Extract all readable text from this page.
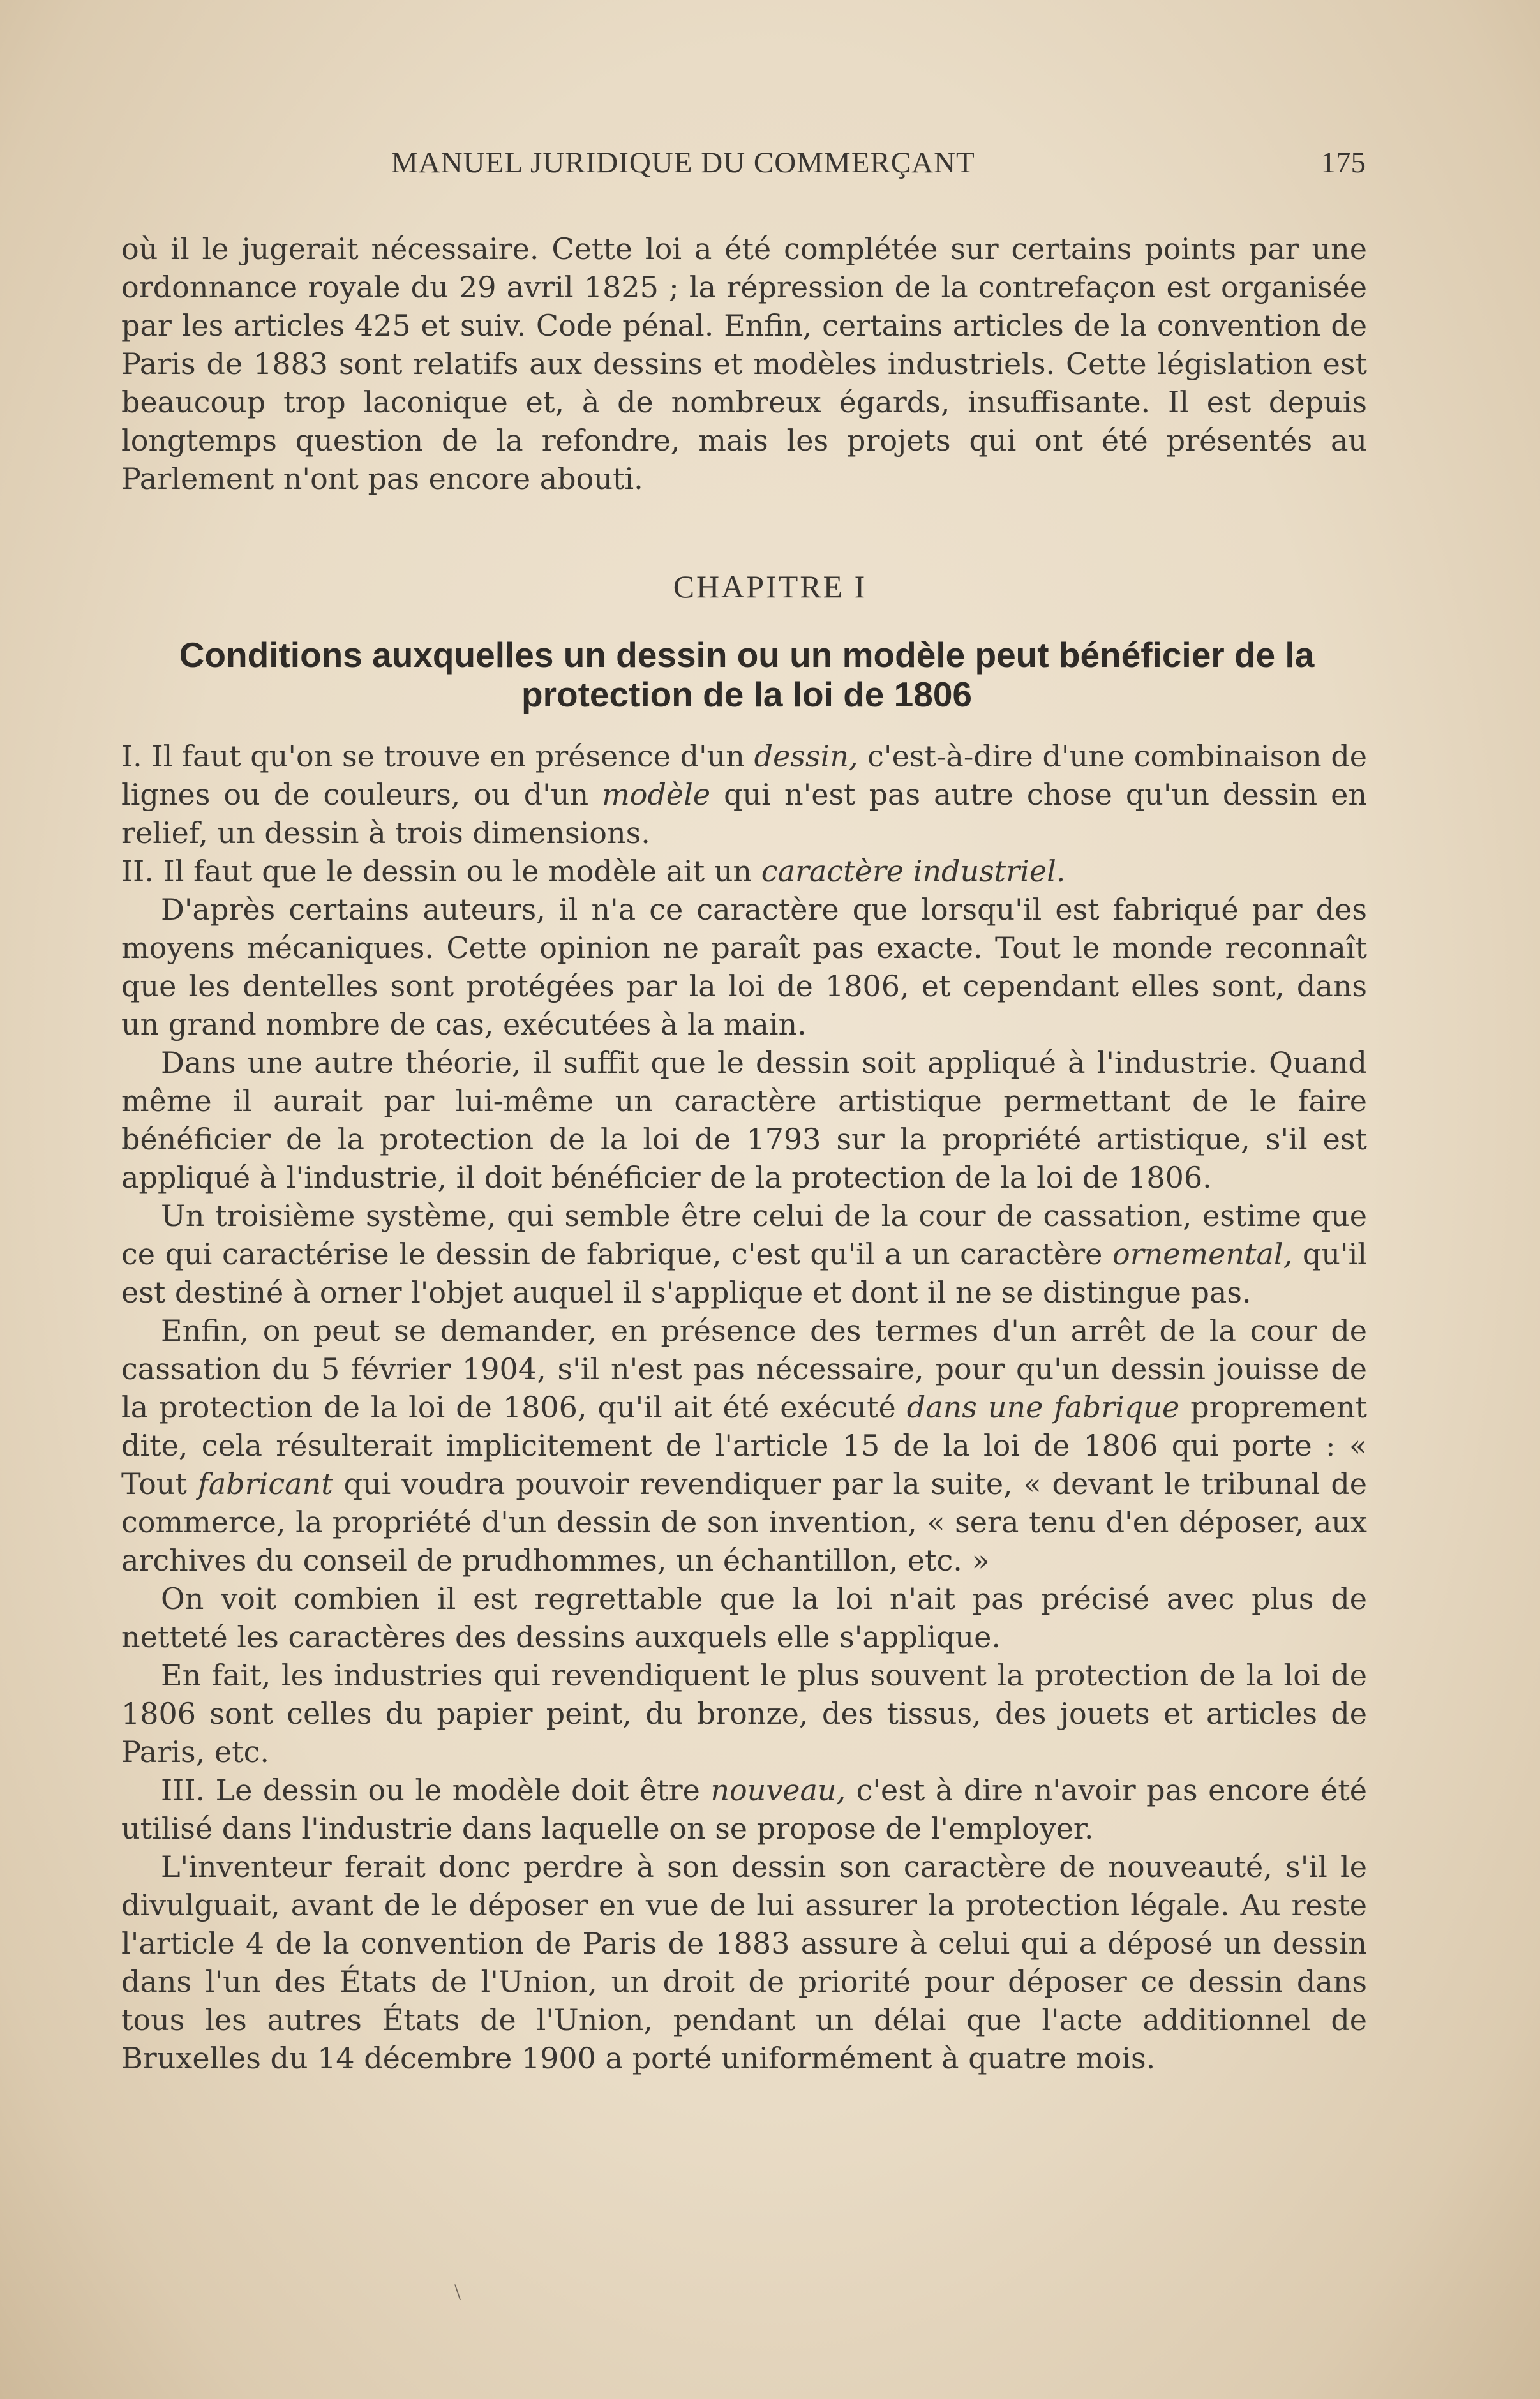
MANUEL JURIDIQUE DU COMMERÇANT	175

où il le jugerait nécessaire. Cette loi a été complétée sur certains points par une ordonnance royale du 29 avril 1825 ; la répression de la contrefaçon est organisée par les articles 425 et suiv. Code pénal. Enfin, certains articles de la convention de Paris de 1883 sont relatifs aux dessins et modèles industriels. Cette législation est beaucoup trop laconique et, à de nombreux égards, insuffisante. Il est depuis longtemps question de la refondre, mais les projets qui ont été présentés au Parlement n'ont pas encore abouti.

CHAPITRE I
Conditions auxquelles un dessin ou un modèle peut bénéficier de la protection de la loi de 1806

I. Il faut qu'on se trouve en présence d'un dessin, c'est-à-dire d'une combinaison de lignes ou de couleurs, ou d'un modèle qui n'est pas autre chose qu'un dessin en relief, un dessin à trois dimensions.

II. Il faut que le dessin ou le modèle ait un caractère industriel.

D'après certains auteurs, il n'a ce caractère que lorsqu'il est fabriqué par des moyens mécaniques. Cette opinion ne paraît pas exacte. Tout le monde reconnaît que les dentelles sont protégées par la loi de 1806, et cependant elles sont, dans un grand nombre de cas, exécutées à la main.

Dans une autre théorie, il suffit que le dessin soit appliqué à l'industrie. Quand même il aurait par lui-même un caractère artistique permettant de le faire bénéficier de la protection de la loi de 1793 sur la propriété artistique, s'il est appliqué à l'industrie, il doit bénéficier de la protection de la loi de 1806.

Un troisième système, qui semble être celui de la cour de cassation, estime que ce qui caractérise le dessin de fabrique, c'est qu'il a un caractère ornemental, qu'il est destiné à orner l'objet auquel il s'applique et dont il ne se distingue pas.

Enfin, on peut se demander, en présence des termes d'un arrêt de la cour de cassation du 5 février 1904, s'il n'est pas nécessaire, pour qu'un dessin jouisse de la protection de la loi de 1806, qu'il ait été exécuté dans une fabrique proprement dite, cela résulterait implicitement de l'article 15 de la loi de 1806 qui porte : « Tout fabricant qui voudra pouvoir revendiquer par la suite, « devant le tribunal de commerce, la propriété d'un dessin de son invention, « sera tenu d'en déposer, aux archives du conseil de prudhommes, un échantillon, etc. »

On voit combien il est regrettable que la loi n'ait pas précisé avec plus de netteté les caractères des dessins auxquels elle s'applique.

En fait, les industries qui revendiquent le plus souvent la protection de la loi de 1806 sont celles du papier peint, du bronze, des tissus, des jouets et articles de Paris, etc.

III. Le dessin ou le modèle doit être nouveau, c'est à dire n'avoir pas encore été utilisé dans l'industrie dans laquelle on se propose de l'employer.

L'inventeur ferait donc perdre à son dessin son caractère de nouveauté, s'il le divulguait, avant de le déposer en vue de lui assurer la protection légale. Au reste l'article 4 de la convention de Paris de 1883 assure à celui qui a déposé un dessin dans l'un des États de l'Union, un droit de priorité pour déposer ce dessin dans tous les autres États de l'Union, pendant un délai que l'acte additionnel de Bruxelles du 14 décembre 1900 a porté uniformément à quatre mois.

\
